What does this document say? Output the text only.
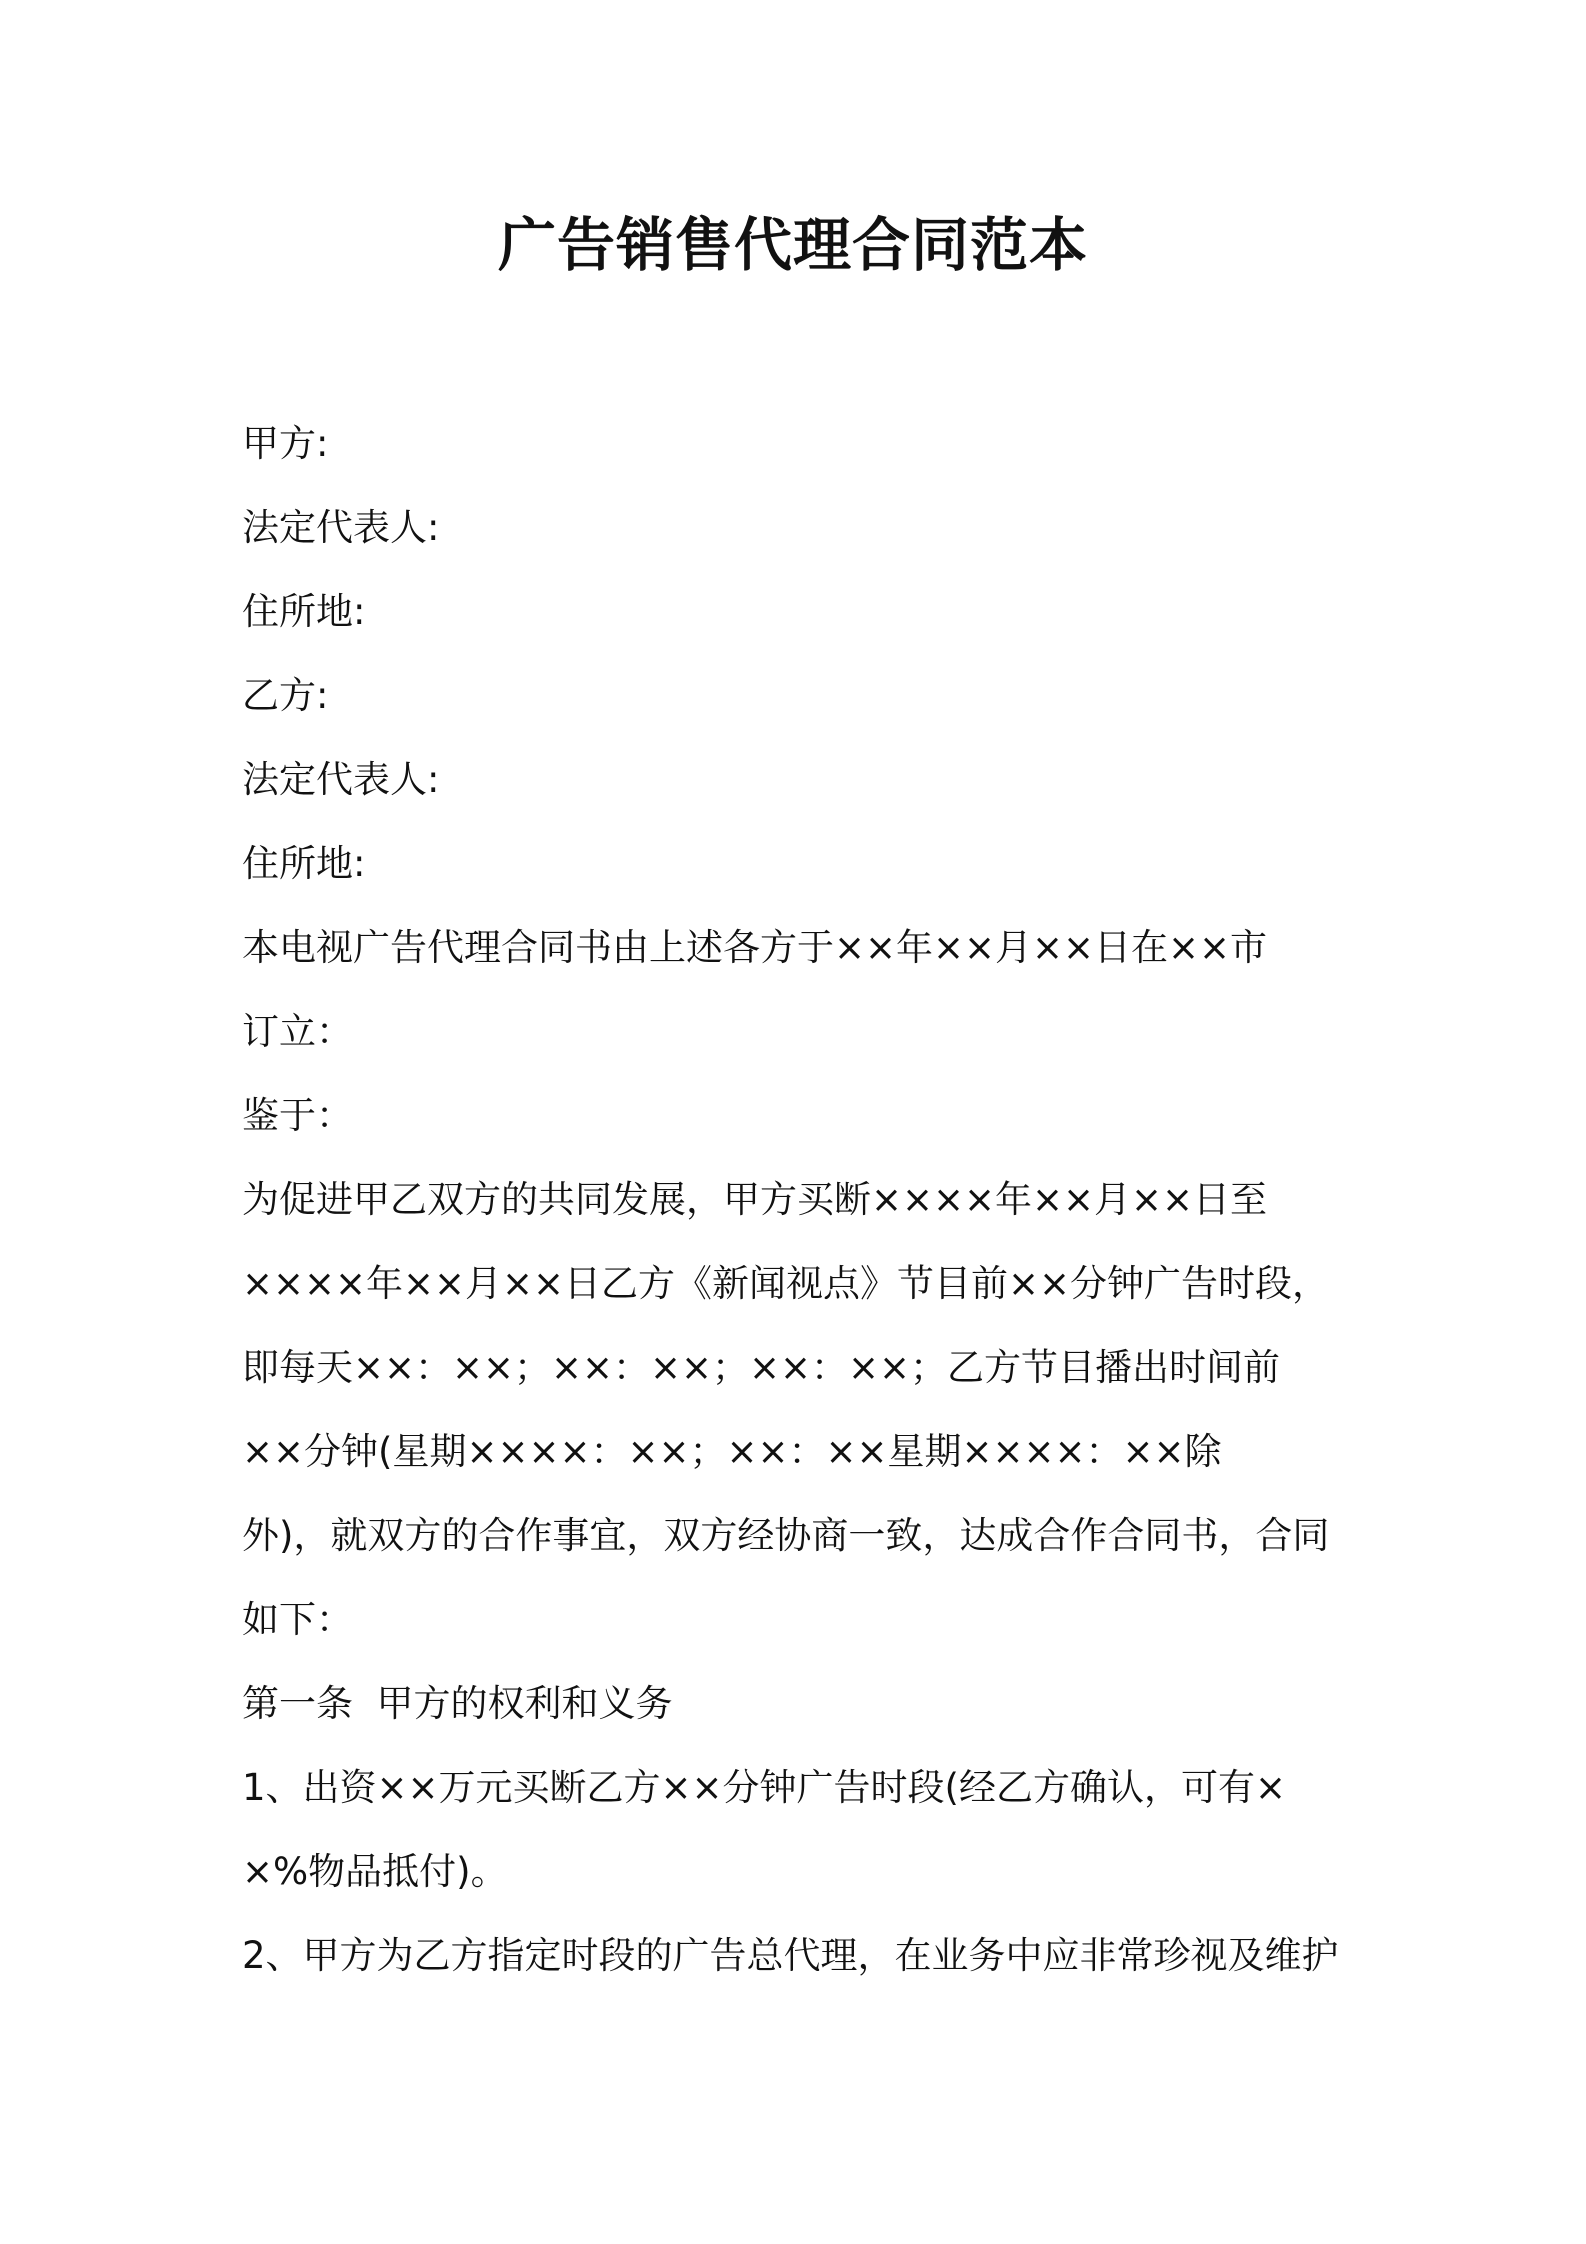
广告销售代理合同范本

甲方:

法定代表人:

住所地:

乙方:

法定代表人:

住所地:

本电视广告代理合同书由上述各方于××年××月××日在××市

订立：

鉴于：

为促进甲乙双方的共同发展，甲方买断××××年××月××日至

××××年××月××日乙方《新闻视点》节目前××分钟广告时段，

即每天××：××；××：××；××：××；乙方节目播出时间前

××分钟(星期××××：××；××：××星期××××：××除

外)，就双方的合作事宜，双方经协商一致，达成合作合同书，合同

如下：

第一条  甲方的权利和义务

1、出资××万元买断乙方××分钟广告时段(经乙方确认，可有×

×%物品抵付)。

2、甲方为乙方指定时段的广告总代理，在业务中应非常珍视及维护
